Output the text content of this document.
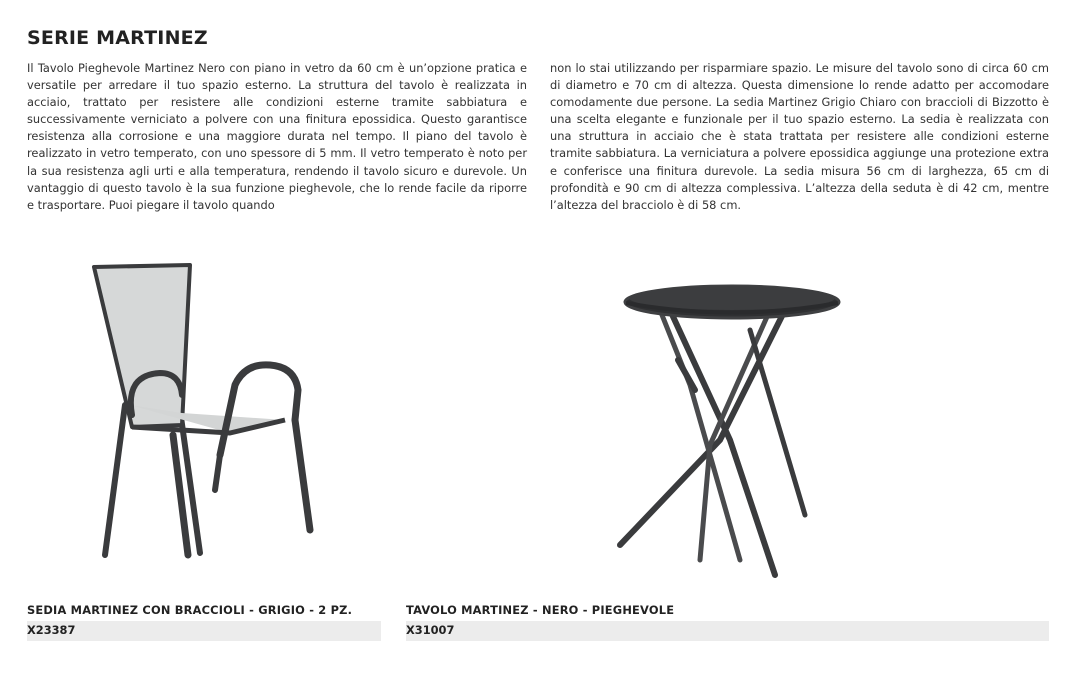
SERIE MARTINEZ

Il Tavolo Pieghevole Martinez Nero con piano in vetro da 60 cm è un’opzione pratica e versatile per arredare il tuo spazio esterno. La struttura del tavolo è realizzata in acciaio, trattato per resistere alle condizioni esterne tramite sabbiatura e successivamente verniciato a polvere con una finitura epossidica. Questo garantisce resistenza alla corrosione e una maggiore durata nel tempo. Il piano del tavolo è realizzato in vetro temperato, con uno spessore di 5 mm. Il vetro temperato è noto per la sua resistenza agli urti e alla temperatura, rendendo il tavolo sicuro e durevole. Un vantaggio di questo tavolo è la sua funzione pieghevole, che lo rende facile da riporre e trasportare. Puoi piegare il tavolo quando

non lo stai utilizzando per risparmiare spazio. Le misure del tavolo sono di circa 60 cm di diametro e 70 cm di altezza. Questa dimensione lo rende adatto per accomodare comodamente due persone. La sedia Martinez Grigio Chiaro con braccioli di Bizzotto è una scelta elegante e funzionale per il tuo spazio esterno. La sedia è realizzata con una struttura in acciaio che è stata trattata per resistere alle condizioni esterne tramite sabbiatura. La verniciatura a polvere epossidica aggiunge una protezione extra e conferisce una finitura durevole. La sedia misura 56 cm di larghezza, 65 cm di profondità e 90 cm di altezza complessiva. L’altezza della seduta è di 42 cm, mentre l’altezza del bracciolo è di 58 cm.

SEDIA MARTINEZ CON BRACCIOLI - GRIGIO - 2 PZ.

X23387

TAVOLO MARTINEZ - NERO - PIEGHEVOLE

X31007
